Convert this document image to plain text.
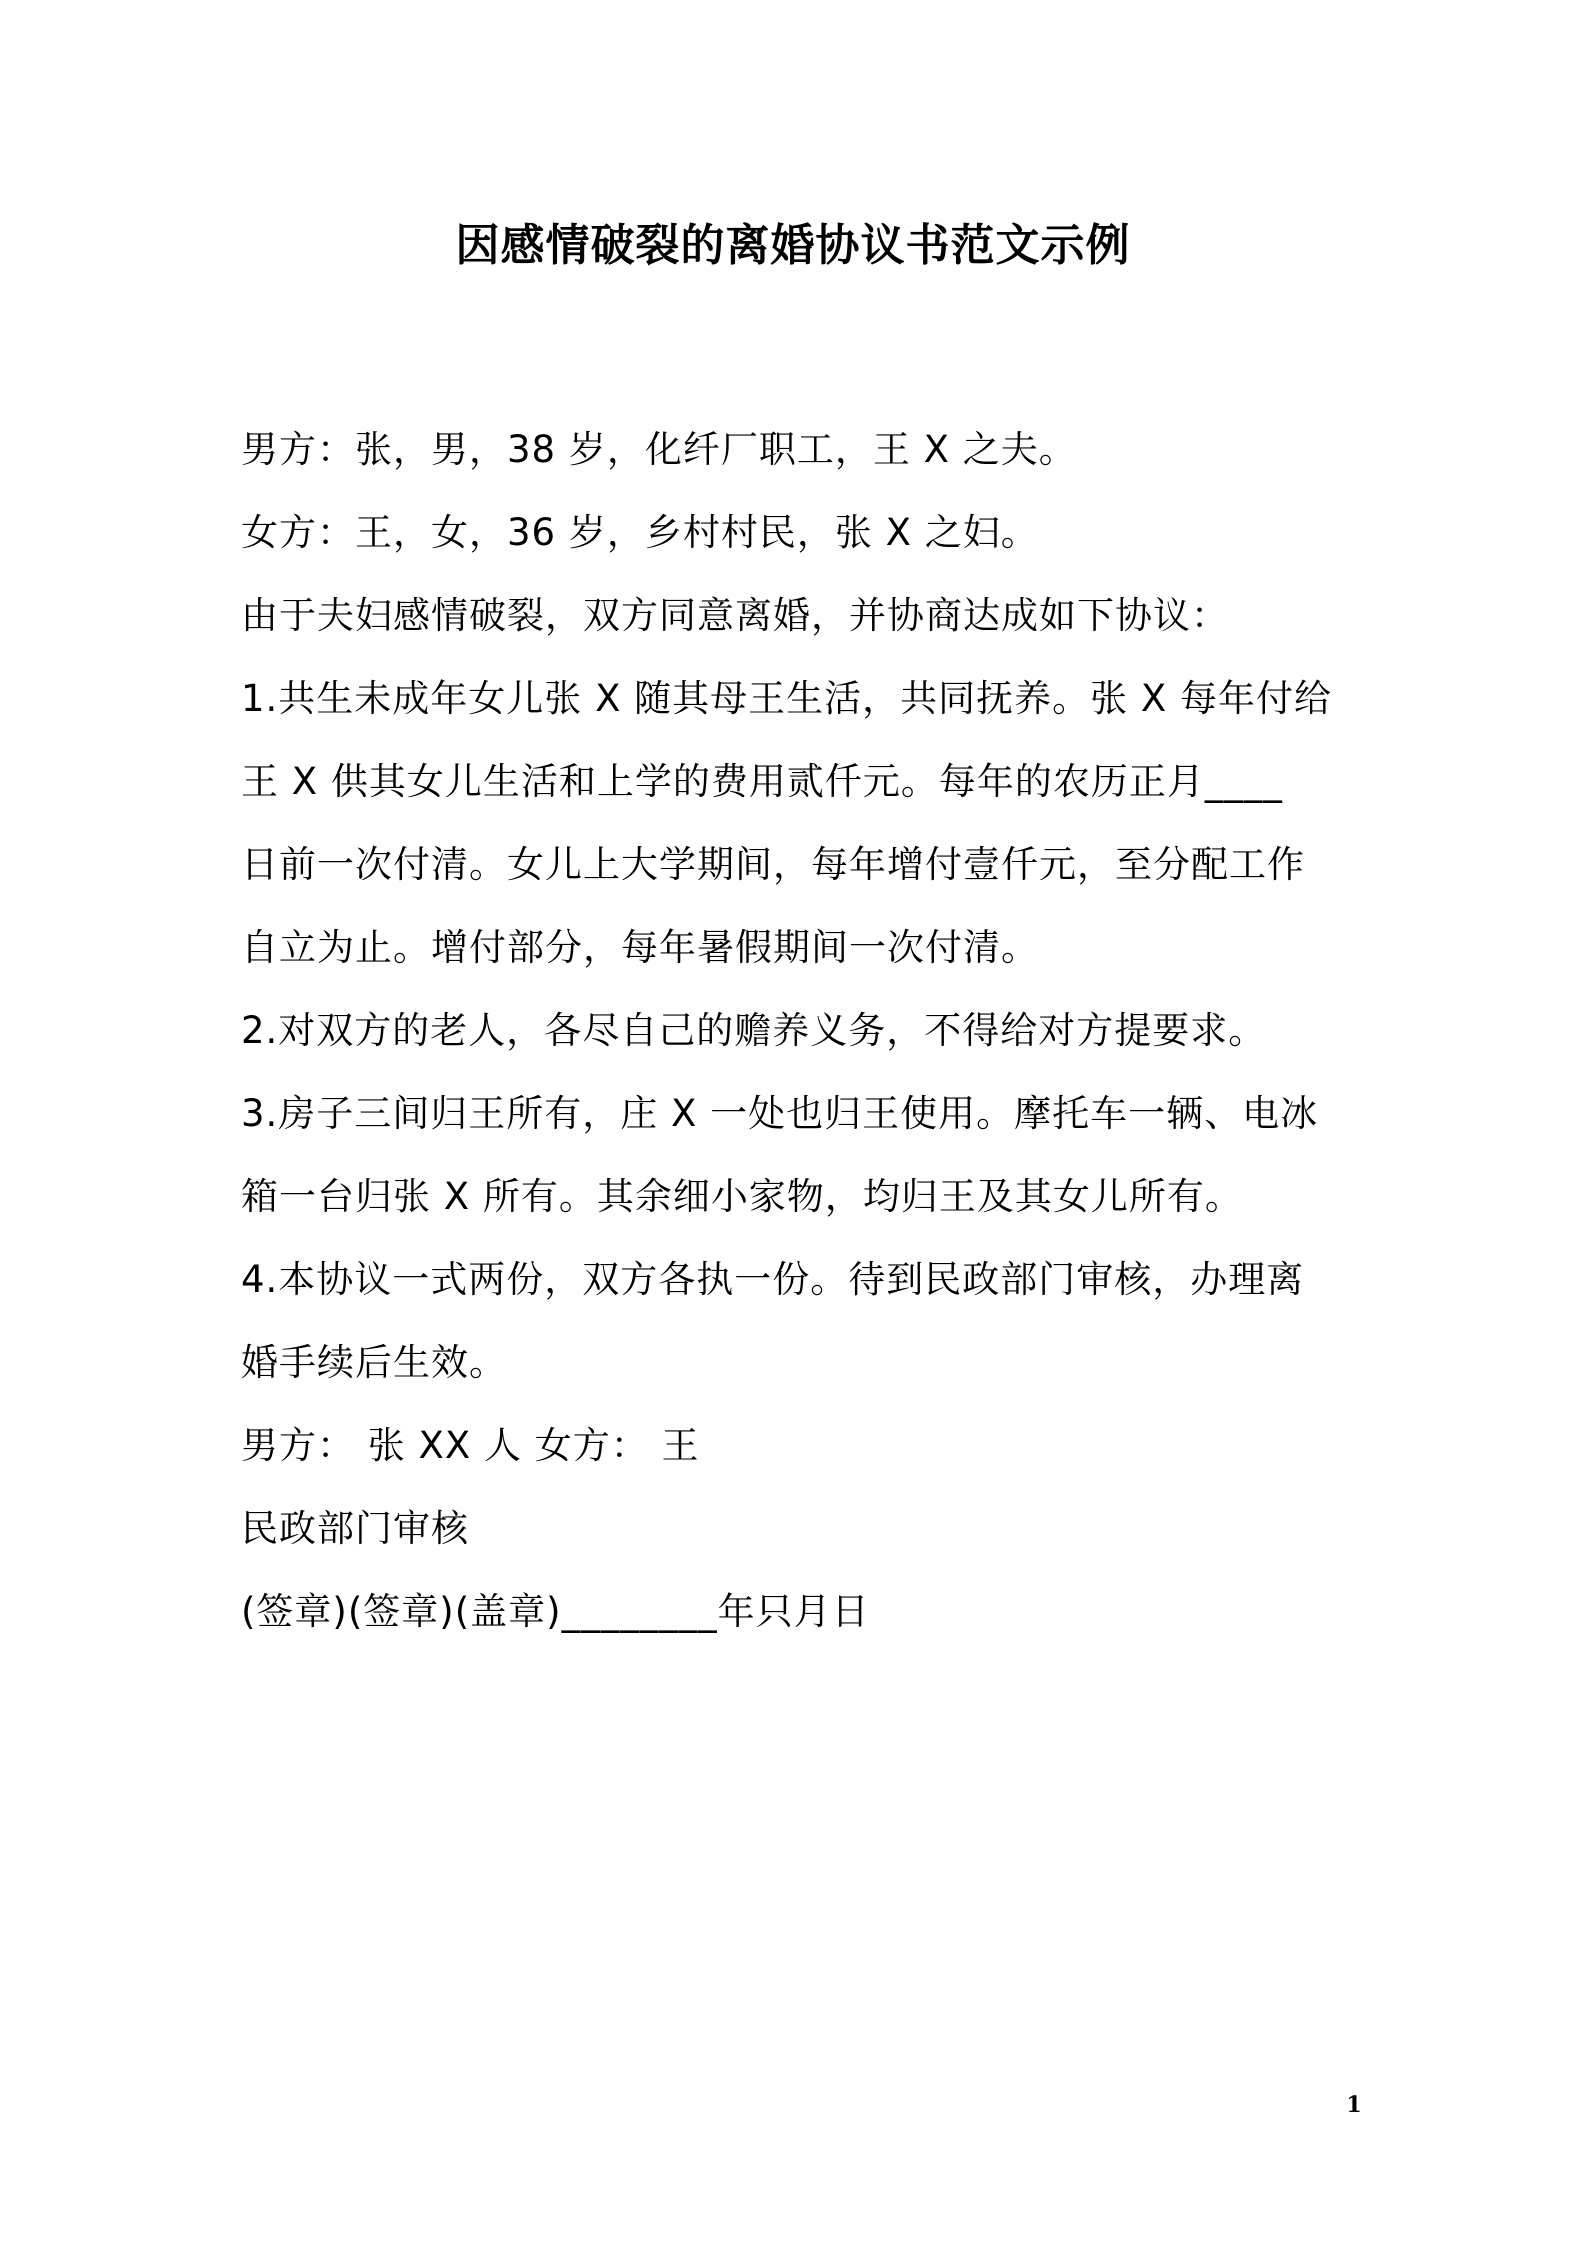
因感情破裂的离婚协议书范文示例
男方：张，男，38 岁，化纤厂职工，王 X 之夫。
女方：王，女，36 岁，乡村村民，张 X 之妇。
由于夫妇感情破裂，双方同意离婚，并协商达成如下协议：
1.共生未成年女儿张 X 随其母王生活，共同抚养。张 X 每年付给
王 X 供其女儿生活和上学的费用贰仟元。每年的农历正月____
日前一次付清。女儿上大学期间，每年增付壹仟元，至分配工作
自立为止。增付部分，每年暑假期间一次付清。
2.对双方的老人，各尽自己的赡养义务，不得给对方提要求。
3.房子三间归王所有，庄 X 一处也归王使用。摩托车一辆、电冰
箱一台归张 X 所有。其余细小家物，均归王及其女儿所有。
4.本协议一式两份，双方各执一份。待到民政部门审核，办理离
婚手续后生效。
男方： 张 XX 人 女方： 王
民政部门审核
(签章)(签章)(盖章)________年只月日
1
